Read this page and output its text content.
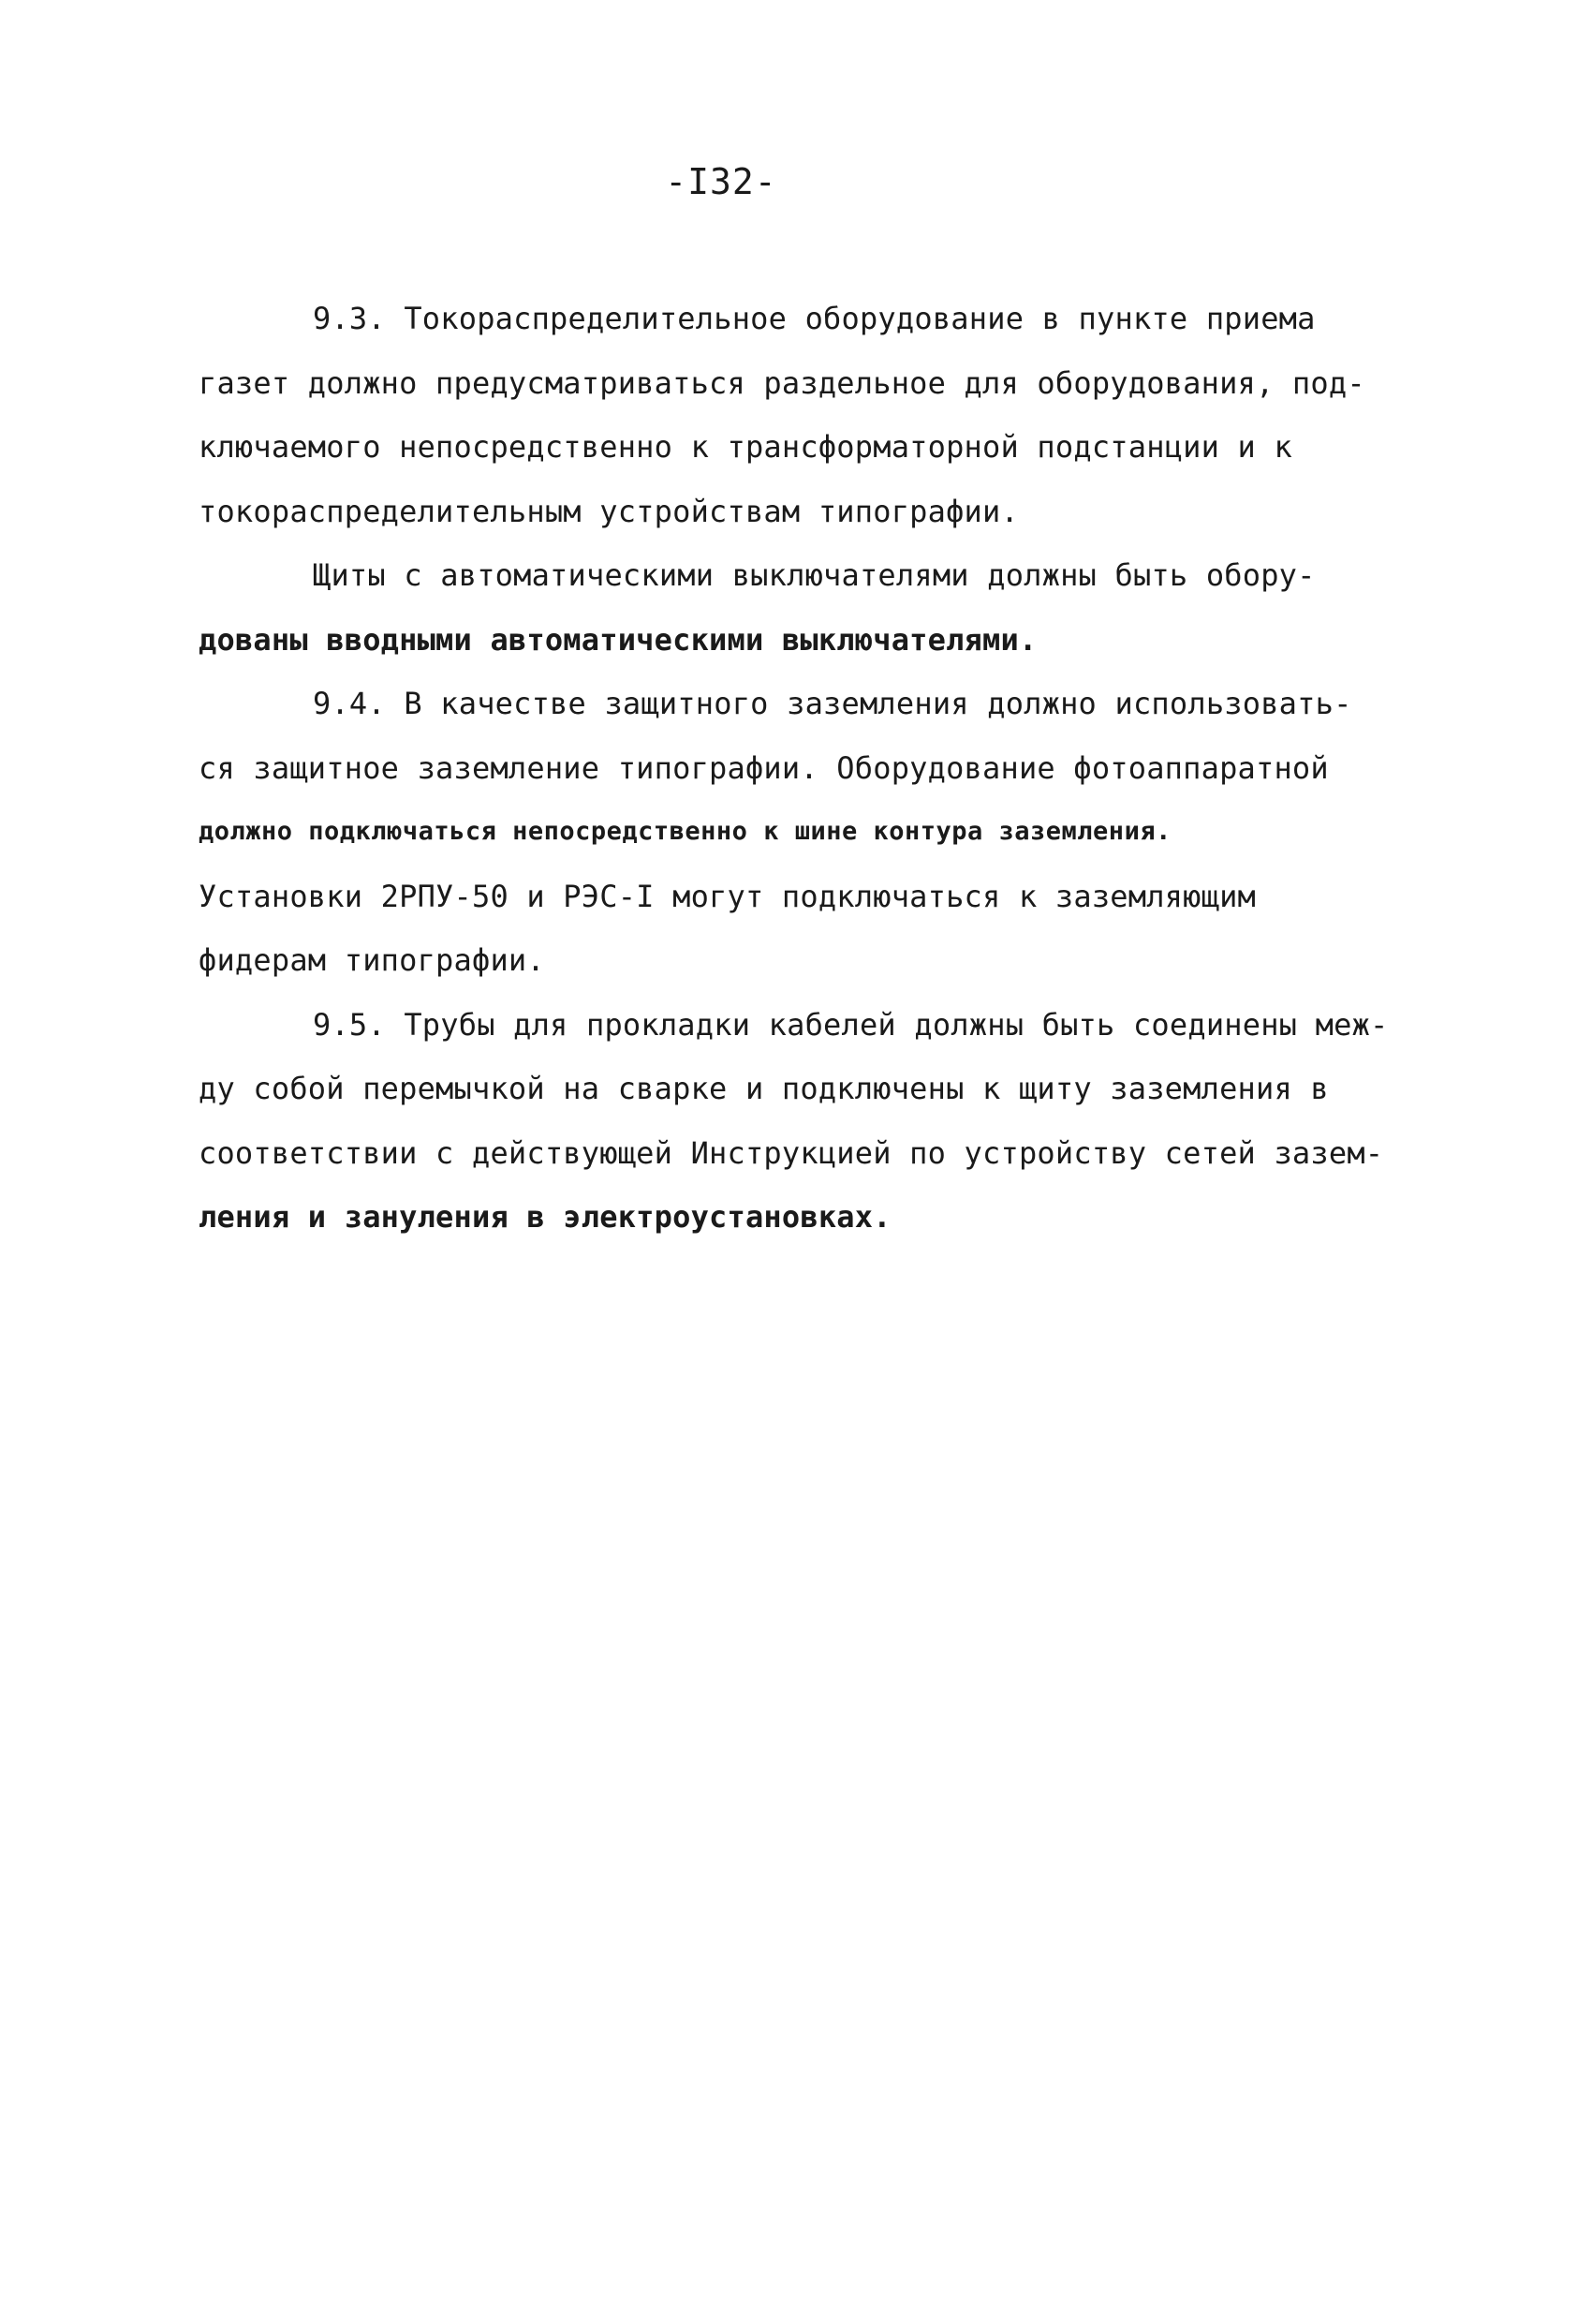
-I32-
9.3. Токораспределительное оборудование в пункте приема
газет должно предусматриваться раздельное для оборудования, под-
ключаемого непосредственно к трансформаторной подстанции и к
токораспределительным устройствам типографии.
Щиты с автоматическими выключателями должны быть обору-
дованы вводными автоматическими выключателями.
9.4. В качестве защитного заземления должно использовать-
ся защитное заземление типографии. Оборудование фотоаппаратной
должно подключаться непосредственно к шине контура заземления.
Установки 2РПУ-50 и РЭС-I могут подключаться к заземляющим
фидерам типографии.
9.5. Трубы для прокладки кабелей должны быть соединены меж-
ду собой перемычкой на сварке и подключены к щиту заземления в
соответствии с действующей Инструкцией по устройству сетей зазем-
ления и зануления в электроустановках.
